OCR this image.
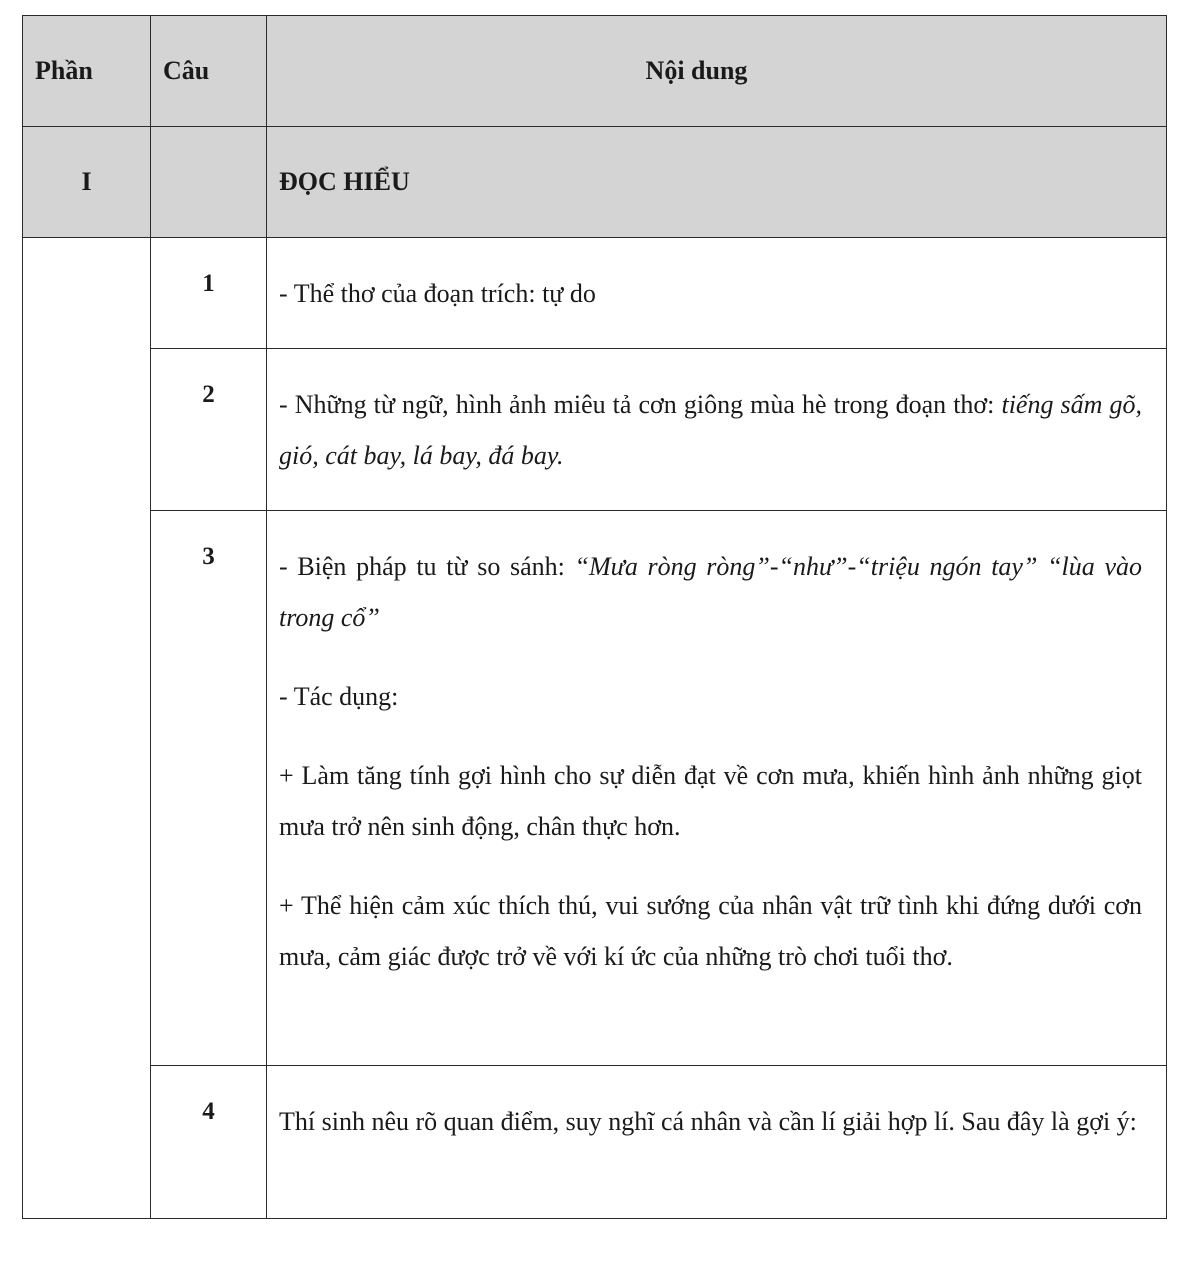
Phần	Câu	Nội dung

I		ĐỌC HIỂU

	1	- Thể thơ của đoạn trích: tự do

	2	- Những từ ngữ, hình ảnh miêu tả cơn giông mùa hè trong đoạn thơ: tiếng sấm gõ, gió, cát bay, lá bay, đá bay.

	3	- Biện pháp tu từ so sánh: “Mưa ròng ròng”-“như”-“triệu ngón tay” “lùa vào trong cổ”

- Tác dụng:

+ Làm tăng tính gợi hình cho sự diễn đạt về cơn mưa, khiến hình ảnh những giọt mưa trở nên sinh động, chân thực hơn.

+ Thể hiện cảm xúc thích thú, vui sướng của nhân vật trữ tình khi đứng dưới cơn mưa, cảm giác được trở về với kí ức của những trò chơi tuổi thơ.

	4	Thí sinh nêu rõ quan điểm, suy nghĩ cá nhân và cần lí giải hợp lí. Sau đây là gợi ý:
